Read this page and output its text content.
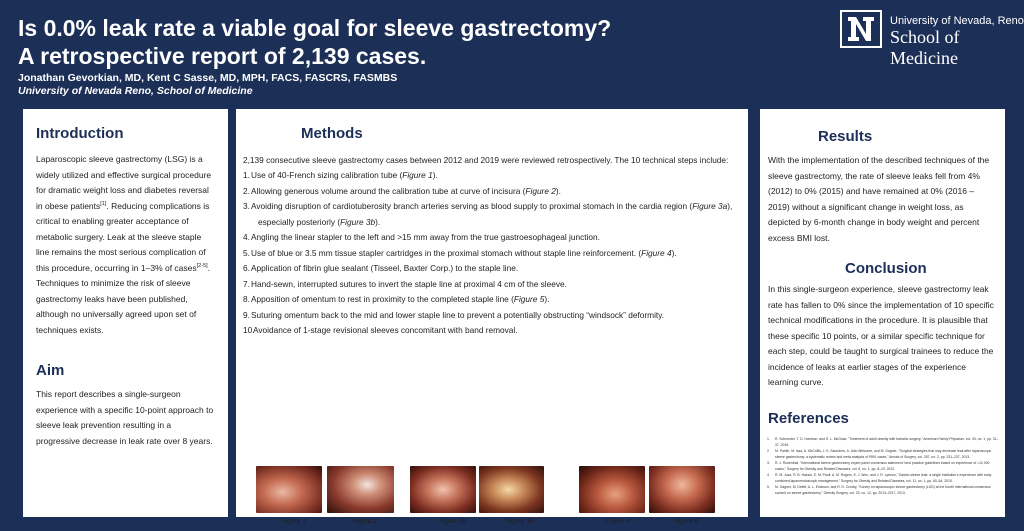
Is 0.0% leak rate a viable goal for sleeve gastrectomy?
A retrospective report of 2,139 cases.
Jonathan Gevorkian, MD, Kent C Sasse, MD, MPH, FACS, FASCRS, FASMBS
University of Nevada Reno, School of Medicine
University of Nevada, Reno
School of Medicine
Introduction

Laparoscopic sleeve gastrectomy (LSG) is a widely utilized and effective surgical procedure for dramatic weight loss and diabetes reversal in obese patients[1]. Reducing complications is critical to enabling greater acceptance of metabolic surgery. Leak at the sleeve staple line remains the most serious complication of this procedure, occurring in 1–3% of cases[2-5]. Techniques to minimize the risk of sleeve gastrectomy leaks have been published, although no universally agreed upon set of techniques exists.

Aim

This report describes a single-surgeon experience with a specific 10-point approach to sleeve leak prevention resulting in a progressive decrease in leak rate over 8 years.

Methods

2,139 consecutive sleeve gastrectomy cases between 2012 and 2019 were reviewed retrospectively. The 10 technical steps include:

1. Use of 40-French sizing calibration tube (Figure 1).
2. Allowing generous volume around the calibration tube at curve of incisura (Figure 2).
3. Avoiding disruption of cardiotuberosity branch arteries serving as blood supply to proximal stomach in the cardia region (Figure 3a),
especially posteriorly (Figure 3b).
4. Angling the linear stapler to the left and >15 mm away from the true gastroesophageal junction.
5. Use of blue or 3.5 mm tissue stapler cartridges in the proximal stomach without staple line reinforcement. (Figure 4).
6. Application of fibrin glue sealant (Tisseel, Baxter Corp.) to the staple line.
7. Hand-sewn, interrupted sutures to invert the staple line at proximal 4 cm of the sleeve.
8. Apposition of omentum to rest in proximity to the completed staple line (Figure 5).
9. Suturing omentum back to the mid and lower staple line to prevent a potentially obstructing “windsock” deformity.
10.
Avoidance of 1-stage revisional sleeves concomitant with band removal.
Figure 1	Figure 2	Figure 3a	Figure 3b	Figure 4	Figure 5
Results

With the implementation of the described techniques of the sleeve gastrectomy, the rate of sleeve leaks fell from 4% (2012) to 0% (2015) and have remained at 0% (2016 – 2019) without a significant change in weight loss, as depicted by 6-month change in body weight and percent excess BMI lost.

Conclusion

In this single-surgeon experience, sleeve gastrectomy leak rate has fallen to 0% since the implementation of 10 specific technical modifications in the procedure. It is plausible that these specific 10 points, or a similar specific technique for each step, could be taught to surgical trainees to reduce the incidence of leaks at earlier stages of the experience learning curve.

References
1. R. Schroeder, T. D. Harrison, and S. L. McGraw, "Treatment of adult obesity with bariatric surgery," American Family Physician, vol. 93, no. 1, pp. 31–37, 2016.
2. M. Parikh, M. Issa, A. McCrillis, J. K. Saunders, A. Ude-Welcome, and M. Gagner, "Surgical strategies that may decrease leak after laparoscopic sleeve gastrectomy: a systematic review and meta-analysis of 9991 cases," Annals of Surgery, vol. 257, no. 2, pp. 231–237, 2013.
3. R. J. Rosenthal, "International sleeve gastrectomy expert panel consensus statement: best practice guidelines based on experience of >12,000 cases," Surgery for Obesity and Related Diseases, vol. 8, no. 1, pp. 8–19, 2012.
4. R. M. Juza, R. B. Haluck, E. M. Pauli, A. M. Rogers, E. J. Won, and J. R. Lyeeun, "Gastric sleeve leak: a single institution's experience with early combined laparoendoscopic management," Surgery for Obesity and Related Diseases, vol. 11, no. 1, pp. 60–64, 2015.
5. M. Gagner, M. Deitel, A. L. Erickson, and R. D. Crosby, "Survey on laparoscopic sleeve gastrectomy (LSG) at the fourth International consensus summit on sleeve gastrectomy," Obesity Surgery, vol. 23, no. 12, pp. 2013–2017, 2013.
